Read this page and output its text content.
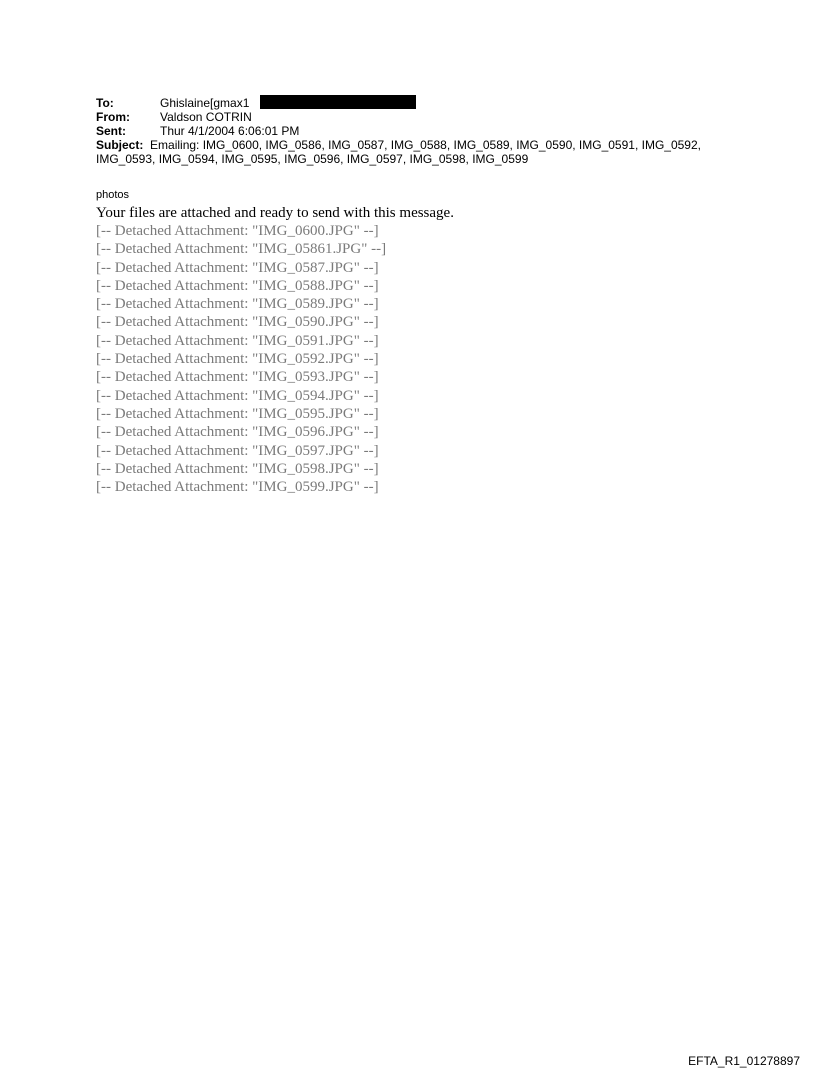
To:	Ghislaine[gmax1
From:	Valdson COTRIN
Sent:	Thur 4/1/2004 6:06:01 PM
Subject: Emailing: IMG_0600, IMG_0586, IMG_0587, IMG_0588, IMG_0589, IMG_0590, IMG_0591, IMG_0592, IMG_0593, IMG_0594, IMG_0595, IMG_0596, IMG_0597, IMG_0598, IMG_0599
photos
Your files are attached and ready to send with this message.
[-- Detached Attachment: "IMG_0600.JPG" --]
[-- Detached Attachment: "IMG_05861.JPG" --]
[-- Detached Attachment: "IMG_0587.JPG" --]
[-- Detached Attachment: "IMG_0588.JPG" --]
[-- Detached Attachment: "IMG_0589.JPG" --]
[-- Detached Attachment: "IMG_0590.JPG" --]
[-- Detached Attachment: "IMG_0591.JPG" --]
[-- Detached Attachment: "IMG_0592.JPG" --]
[-- Detached Attachment: "IMG_0593.JPG" --]
[-- Detached Attachment: "IMG_0594.JPG" --]
[-- Detached Attachment: "IMG_0595.JPG" --]
[-- Detached Attachment: "IMG_0596.JPG" --]
[-- Detached Attachment: "IMG_0597.JPG" --]
[-- Detached Attachment: "IMG_0598.JPG" --]
[-- Detached Attachment: "IMG_0599.JPG" --]
EFTA_R1_01278897
